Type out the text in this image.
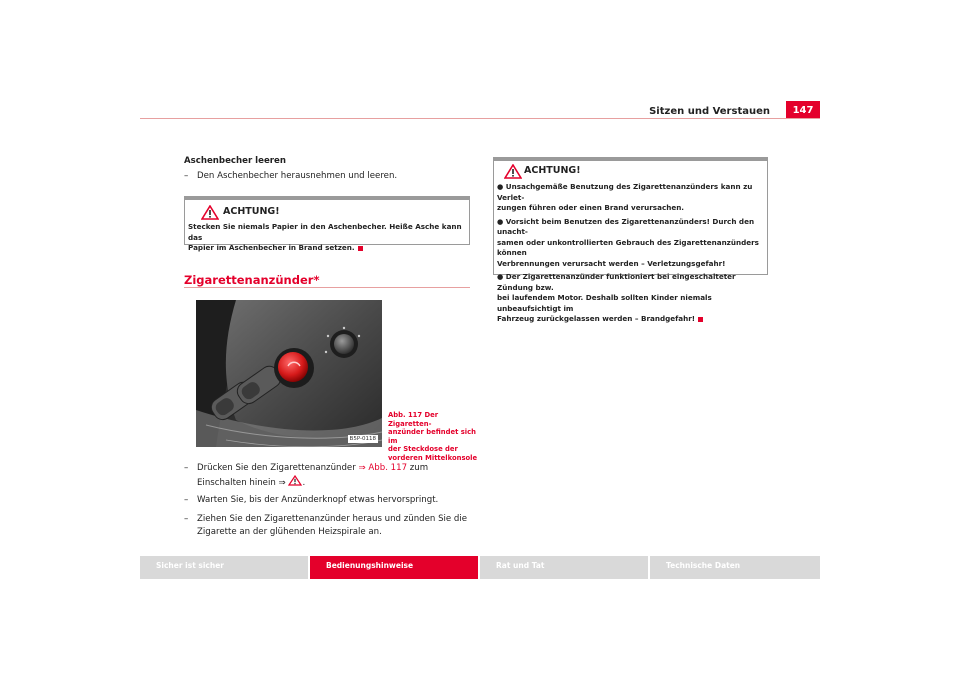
Sitzen und Verstauen	147
Aschenbecher leeren
– Den Aschenbecher herausnehmen und leeren.
ACHTUNG!
Stecken Sie niemals Papier in den Aschenbecher. Heiße Asche kann das
Papier im Aschenbecher in Brand setzen.
Zigarettenanzünder*
B5P-0118
Abb. 117 Der Zigaretten-
anzünder befindet sich im
der Steckdose der
vorderen Mittelkonsole
– Drücken Sie den Zigarettenanzünder ⇒ Abb. 117 zum
Einschalten hinein ⇒ .
– Warten Sie, bis der Anzünderknopf etwas hervorspringt.
– Ziehen Sie den Zigarettenanzünder heraus und zünden Sie die
Zigarette an der glühenden Heizspirale an.
ACHTUNG!
● Unsachgemäße Benutzung des Zigarettenanzünders kann zu Verlet-
zungen führen oder einen Brand verursachen.
● Vorsicht beim Benutzen des Zigarettenanzünders! Durch den unacht-
samen oder unkontrollierten Gebrauch des Zigarettenanzünders können
Verbrennungen verursacht werden – Verletzungsgefahr!
● Der Zigarettenanzünder funktioniert bei eingeschalteter Zündung bzw.
bei laufendem Motor. Deshalb sollten Kinder niemals unbeaufsichtigt im
Fahrzeug zurückgelassen werden – Brandgefahr!
Sicher ist sicher	Bedienungshinweise	Rat und Tat	Technische Daten
